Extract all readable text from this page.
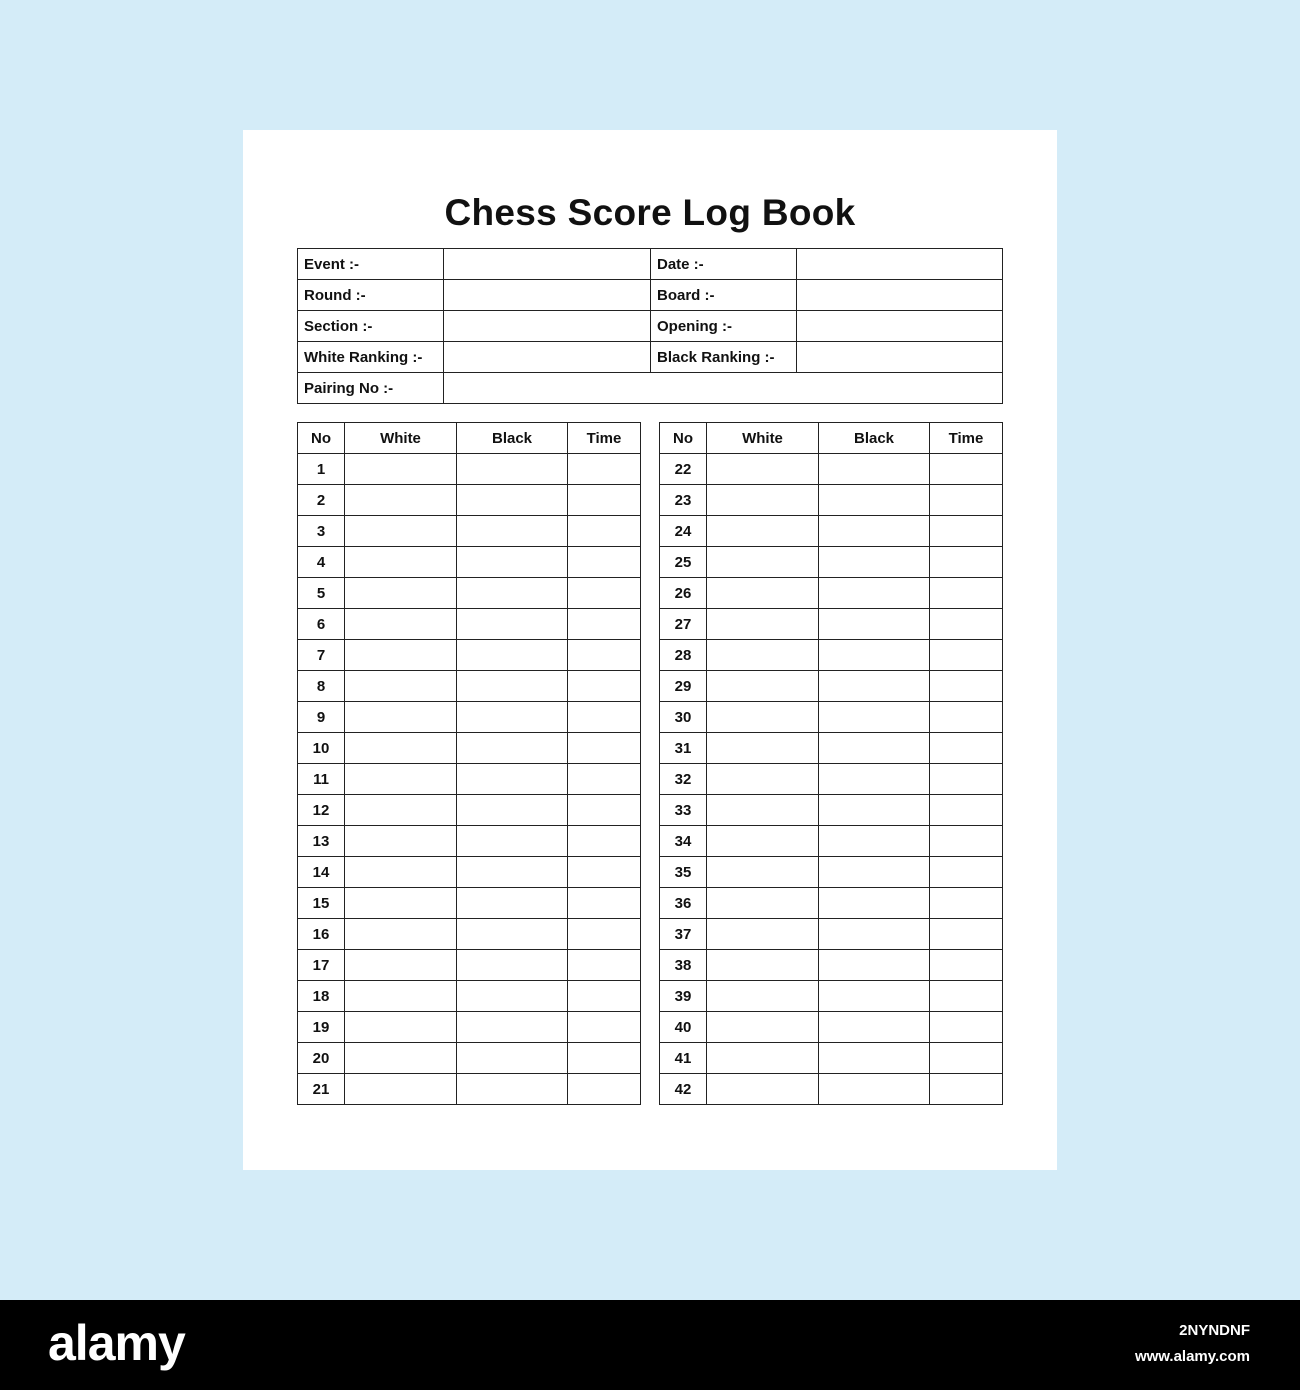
Chess Score Log Book
Event :-		Date :-	
Round :-		Board :-	
Section :-		Opening :-	
White Ranking :-		Black Ranking :-	
Pairing No :-			
No	White	Black	Time
1			
2			
3			
4			
5			
6			
7			
8			
9			
10			
11			
12			
13			
14			
15			
16			
17			
18			
19			
20			
21			
No	White	Black	Time
22			
23			
24			
25			
26			
27			
28			
29			
30			
31			
32			
33			
34			
35			
36			
37			
38			
39			
40			
41			
42			
alamy	2NYNDNF
www.alamy.com
